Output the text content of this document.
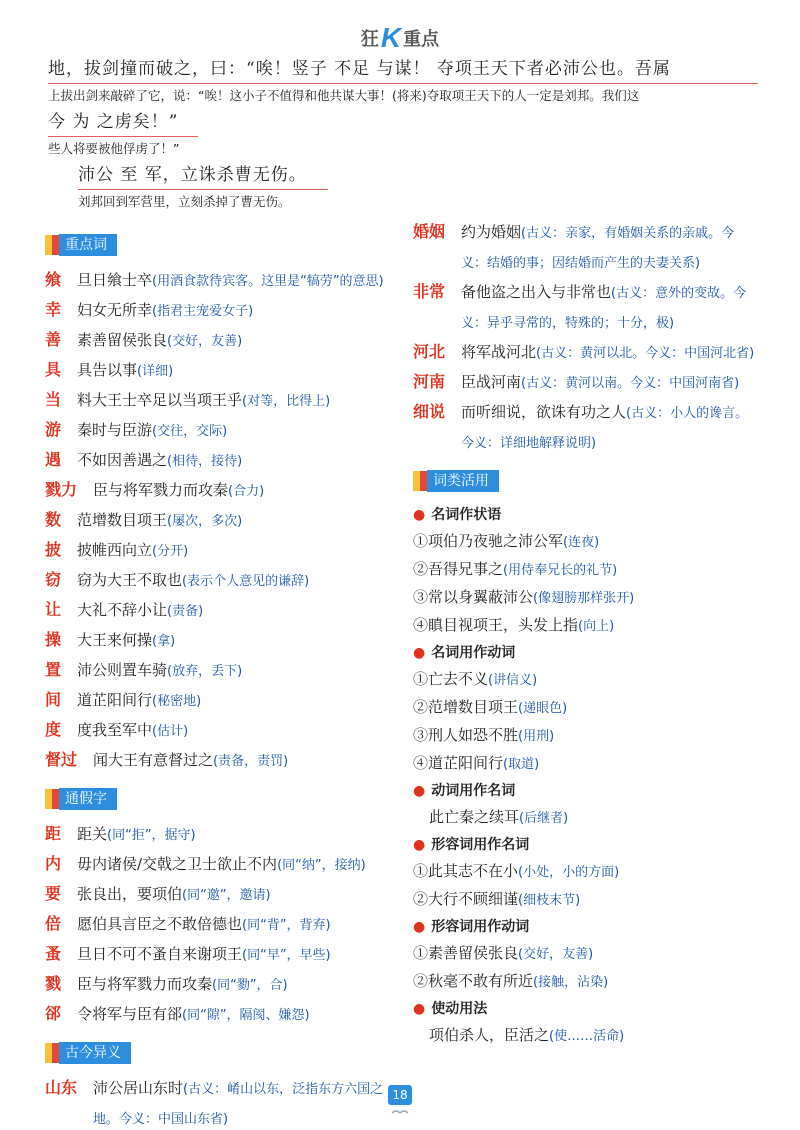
狂K 重点
地，拔剑撞而破之，曰：“唉！竖子 不足 与谋！ 夺项王天下者必沛公也。吾属
上拔出剑来敲碎了它，说：“唉！这小子不值得和他共谋大事！(将来)夺取项王天下的人一定是刘邦。我们这
今 为 之虏矣！”
些人将要被他俘虏了！”
沛公 至 军，立诛杀曹无伤。
刘邦回到军营里，立刻杀掉了曹无伤。
重点词
飨 旦日飨士卒(用酒食款待宾客。这里是“犒劳”的意思)
幸 妇女无所幸(指君主宠爱女子)
善 素善留侯张良(交好，友善)
具 具告以事(详细)
当 料大王士卒足以当项王乎(对等，比得上)
游 秦时与臣游(交往，交际)
遇 不如因善遇之(相待，接待)
戮力	臣与将军戮力而攻秦(合力)
数 范增数目项王(屡次，多次)
披 披帷西向立(分开)
窃 窃为大王不取也(表示个人意见的谦辞)
让 大礼不辞小让(责备)
操 大王来何操(拿)
置 沛公则置车骑(放弃，丢下)
间 道芷阳间行(秘密地)
度 度我至军中(估计)
督过	闻大王有意督过之(责备，责罚)
通假字
距 距关(同“拒”，据守)
内 毋内诸侯/交戟之卫士欲止不内(同“纳”，接纳)
要 张良出，要项伯(同“邀”，邀请)
倍 愿伯具言臣之不敢倍德也(同“背”，背弃)
蚤 旦日不可不蚤自来谢项王(同“早”，早些)
戮 臣与将军戮力而攻秦(同“勠”，合)
郤 令将军与臣有郤(同“隙”，隔阂、嫌怨)
古今异义
山东	沛公居山东时(古义：崤山以东，泛指东方六国之地。今义：中国山东省)
婚姻	约为婚姻(古义：亲家，有婚姻关系的亲戚。今义：结婚的事；因结婚而产生的夫妻关系)
非常	备他盗之出入与非常也(古义：意外的变故。今义：异乎寻常的，特殊的；十分，极)
河北	将军战河北(古义：黄河以北。今义：中国河北省)
河南	臣战河南(古义：黄河以南。今义：中国河南省)
细说	而听细说，欲诛有功之人(古义：小人的谗言。今义：详细地解释说明)
词类活用
● 名词作状语
①项伯乃夜驰之沛公军(连夜)
②吾得兄事之(用侍奉兄长的礼节)
③常以身翼蔽沛公(像翅膀那样张开)
④瞋目视项王，头发上指(向上)
● 名词用作动词
①亡去不义(讲信义)
②范增数目项王(递眼色)
③刑人如恐不胜(用刑)
④道芷阳间行(取道)
● 动词用作名词
此亡秦之续耳(后继者)
● 形容词用作名词
①此其志不在小(小处，小的方面)
②大行不顾细谨(细枝末节)
● 形容词用作动词
①素善留侯张良(交好，友善)
②秋毫不敢有所近(接触，沾染)
● 使动用法
项伯杀人，臣活之(使……活命)
18
